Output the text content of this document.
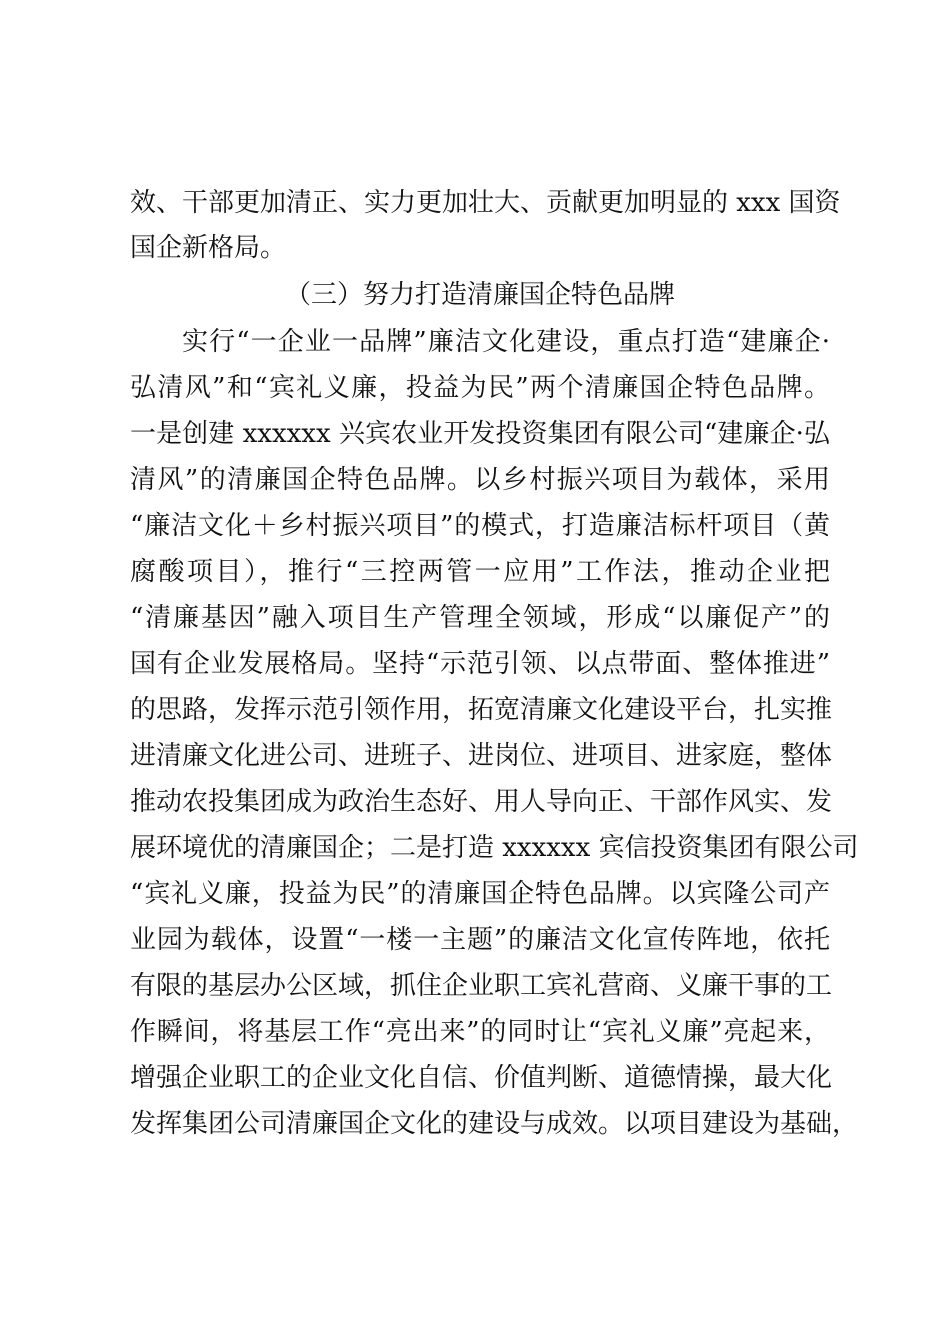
效、干部更加清正、实力更加壮大、贡献更加明显的 xxx 国资
国企新格局。
（三）努力打造清廉国企特色品牌
实行“一企业一品牌”廉洁文化建设，重点打造“建廉企·
弘清风”和“宾礼义廉，投益为民”两个清廉国企特色品牌。
一是创建 xxxxxx 兴宾农业开发投资集团有限公司“建廉企·弘
清风”的清廉国企特色品牌。以乡村振兴项目为载体，采用
“廉洁文化＋乡村振兴项目”的模式，打造廉洁标杆项目（黄
腐酸项目），推行“三控两管一应用”工作法，推动企业把
“清廉基因”融入项目生产管理全领域，形成“以廉促产”的
国有企业发展格局。坚持“示范引领、以点带面、整体推进”
的思路，发挥示范引领作用，拓宽清廉文化建设平台，扎实推
进清廉文化进公司、进班子、进岗位、进项目、进家庭，整体
推动农投集团成为政治生态好、用人导向正、干部作风实、发
展环境优的清廉国企；二是打造 xxxxxx 宾信投资集团有限公司
“宾礼义廉，投益为民”的清廉国企特色品牌。以宾隆公司产
业园为载体，设置“一楼一主题”的廉洁文化宣传阵地，依托
有限的基层办公区域，抓住企业职工宾礼营商、义廉干事的工
作瞬间，将基层工作“亮出来”的同时让“宾礼义廉”亮起来，
增强企业职工的企业文化自信、价值判断、道德情操，最大化
发挥集团公司清廉国企文化的建设与成效。以项目建设为基础，
